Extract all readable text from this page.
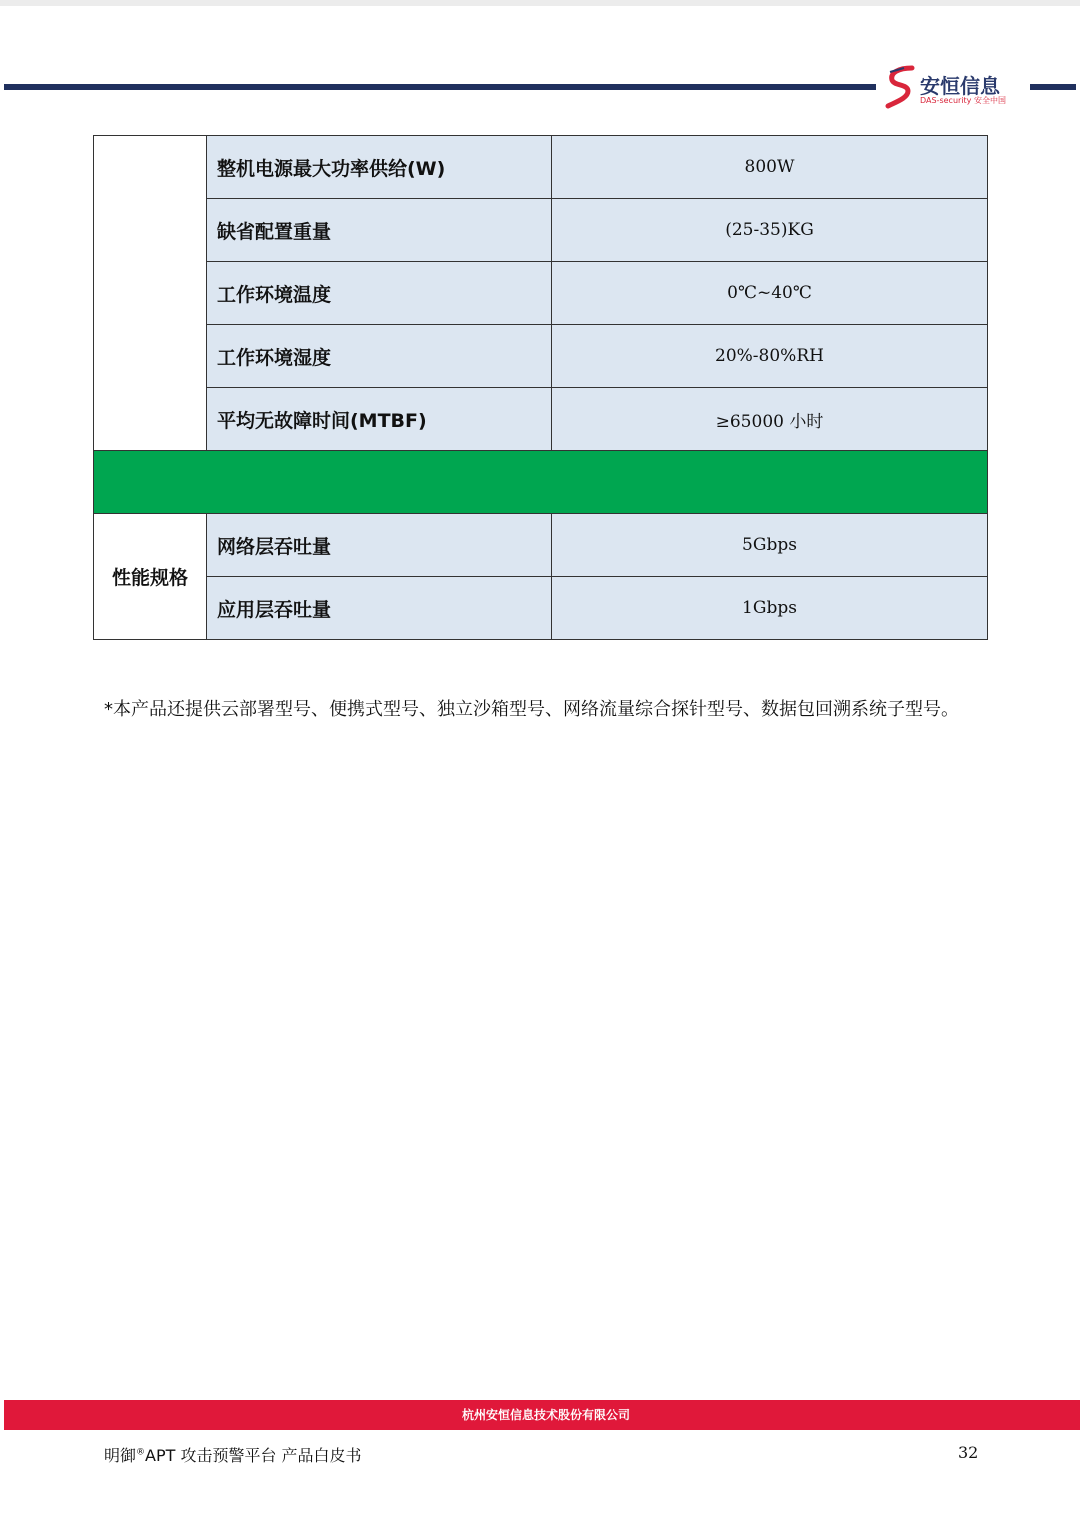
安恒信息
DAS-security 安全中国
	整机电源最大功率供给(W)	800W
	缺省配置重量	(25-35)KG
	工作环境温度	0℃~40℃
	工作环境湿度	20%-80%RH
	平均无故障时间(MTBF)	≥65000 小时

性能规格	网络层吞吐量	5Gbps
	应用层吞吐量	1Gbps
*本产品还提供云部署型号、便携式型号、独立沙箱型号、网络流量综合探针型号、数据包回溯系统子型号。
杭州安恒信息技术股份有限公司
明御®APT 攻击预警平台 产品白皮书	32
